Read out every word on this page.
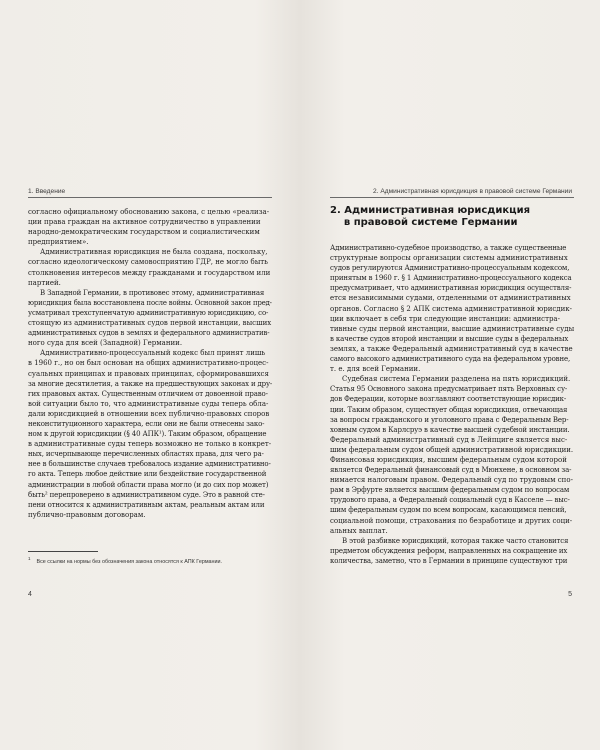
1. Введение

согласно официальному обоснованию закона, с целью «реализа-
ции права граждан на активное сотрудничество в управлении
народно-демократическим государством и социалистическим
предприятием».

Административная юрисдикция не была создана, поскольку,
согласно идеологическому самовосприятию ГДР, не могло быть
столкновения интересов между гражданами и государством или
партией.

В Западной Германии, в противовес этому, административная
юрисдикция была восстановлена после войны. Основной закон пред-
усматривал трехступенчатую административную юрисдикцию, со-
стоящую из административных судов первой инстанции, высших
административных судов в землях и федерального административ-
ного суда для всей (Западной) Германии.

Административно-процессуальный кодекс был принят лишь
в 1960 г., но он был основан на общих административно-процес-
суальных принципах и правовых принципах, сформировавшихся
за многие десятилетия, а также на предшествующих законах и дру-
гих правовых актах. Существенным отличием от довоенной право-
вой ситуации было то, что административные суды теперь обла-
дали юрисдикцией в отношении всех публично-правовых споров
неконституционного характера, если они не были отнесены зако-
ном к другой юрисдикции (§ 40 АПК¹). Таким образом, обращение
в административные суды теперь возможно не только в конкрет-
ных, исчерпывающе перечисленных областях права, для чего ра-
нее в большинстве случаев требовалось издание административно-
го акта. Теперь любое действие или бездействие государственной
администрации в любой области права могло (и до сих пор может)
быть² перепроверено в административном суде. Это в равной сте-
пени относится к административным актам, реальным актам или
публично-правовым договорам.

$^1$Все ссылки на нормы без обозначения закона относятся к АПК Германии.
4
2. Административная юрисдикция в правовой системе Германии
2. Административная юрисдикция
в правовой системе Германии

Административно-судебное производство, а также существенные
структурные вопросы организации системы административных
судов регулируются Административно-процессуальным кодексом,
принятым в 1960 г. § 1 Административно-процессуального кодекса
предусматривает, что административная юрисдикция осуществля-
ется независимыми судами, отделенными от административных
органов. Согласно § 2 АПК система административной юрисдик-
ции включает в себя три следующие инстанции: администра-
тивные суды первой инстанции, высшие административные суды
в качестве судов второй инстанции и высшие суды в федеральных
землях, а также Федеральный административный суд в качестве
самого высокого административного суда на федеральном уровне,
т. е. для всей Германии.

Судебная система Германии разделена на пять юрисдикций.
Статья 95 Основного закона предусматривает пять Верховных су-
дов Федерации, которые возглавляют соответствующие юрисдик-
ции. Таким образом, существует общая юрисдикция, отвечающая
за вопросы гражданского и уголовного права с Федеральным Вер-
ховным судом в Карлсруэ в качестве высшей судебной инстанции.
Федеральный административный суд в Лейпциге является выс-
шим федеральным судом общей административной юрисдикции.
Финансовая юрисдикция, высшим федеральным судом которой
является Федеральный финансовый суд в Мюнхене, в основном за-
нимается налоговым правом. Федеральный суд по трудовым спо-
рам в Эрфурте является высшим федеральным судом по вопросам
трудового права, а Федеральный социальный суд в Касселе — выс-
шим федеральным судом по всем вопросам, касающимся пенсий,
социальной помощи, страхования по безработице и других соци-
альных выплат.

В этой разбивке юрисдикций, которая также часто становится
предметом обсуждения реформ, направленных на сокращение их
количества, заметно, что в Германии в принципе существуют три

5
